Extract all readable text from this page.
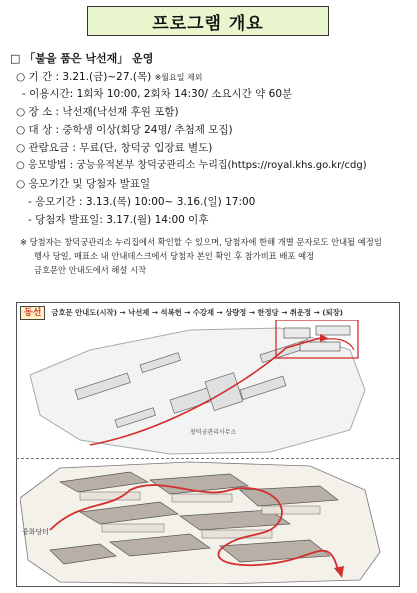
프로그램 개요
□ 「불을 품은 낙선재」 운영
○ 기 간 : 3.21.(금)~27.(목) ※월요일 제외
- 이용시간: 1회차 10:00, 2회차 14:30/ 소요시간 약 60분
○ 장 소 : 낙선재(낙선재 후원 포함)
○ 대 상 : 중학생 이상(회당 24명/ 추첨제 모집)
○ 관람요금 : 무료(단, 창덕궁 입장료 별도)
○ 응모방법 : 궁능유적본부 창덕궁관리소 누리집(https://royal.khs.go.kr/cdg)
○ 응모기간 및 당첨자 발표일
- 응모기간 : 3.13.(목) 10:00~ 3.16.(일) 17:00
- 당첨자 발표일: 3.17.(월) 14:00 이후
※ 당첨자는 창덕궁관리소 누리집에서 확인할 수 있으며, 당첨자에 한해 개별 문자로도 안내될 예정임
행사 당일, 매표소 내 안내데스크에서 당첨자 본인 확인 후 참가비표 배포 예정
금호문안 안내도에서 해설 시작
동선	금호문 안내도(시작) → 낙선재 → 석복헌 → 수강재 → 상량정 → 한정당 → 취운정 → (퇴장)
창덕궁관리사무소
중화당터
